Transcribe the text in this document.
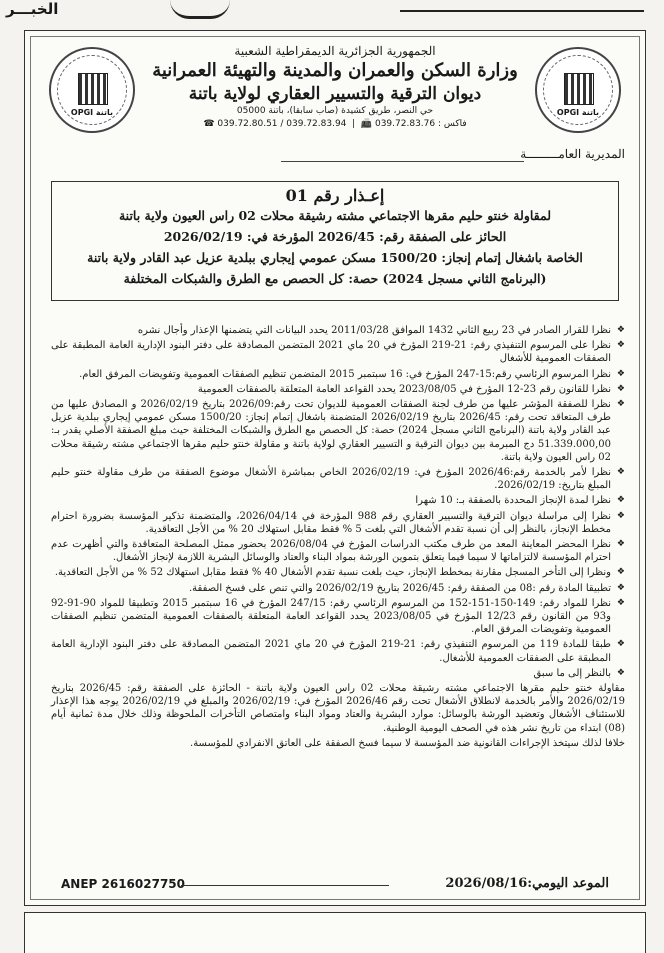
الخبـــر
OPGI باتنة
الجمهورية الجزائرية الديمقراطية الشعبية
وزارة السكن والعمران والمدينة والتهيئة العمرانية
ديوان الترقية والتسيير العقاري لولاية باتنة
حي النصر، طريق كشيدة (صاب سابقا)، باتنة 05000
☎ 039.72.80.51 / 039.72.83.94  |  📠 فاكس : 039.72.83.76
OPGI باتنة
المديرية العامـــــــــة
إعـذار رقم 01
لمقاولة خنتو حليم مقرها الاجتماعي مشته رشيقة محلات 02 راس العيون ولاية باتنة
الحائز على الصفقة رقم: 2026/45 المؤرخة في: 2026/02/19
الخاصة باشغال إتمام إنجاز: 1500/20 مسكن عمومي إيجاري ببلدية عزيل عبد القادر ولاية باتنة
(البرنامج الثاني مسجل 2024) حصة: كل الحصص مع الطرق والشبكات المختلفة
❖ نظرا للقرار الصادر في 23 ربيع الثاني 1432 الموافق 2011/03/28 يحدد البيانات التي يتضمنها الإعذار وأجال نشره
❖ نظرا على المرسوم التنفيذي رقم: 21-219 المؤرخ في 20 ماي 2021 المتضمن المصادقة على دفتر البنود الإدارية العامة المطبقة على الصفقات العمومية للأشغال
❖ نظرا المرسوم الرئاسي رقم:15-247 المؤرخ في: 16 سبتمبر 2015 المتضمن تنظيم الصفقات العمومية وتفويضات المرفق العام.
❖ نظرا للقانون رقم 23-12 المؤرخ في 2023/08/05 يحدد القواعد العامة المتعلقة بالصفقات العمومية
❖ نظرا للصفقة المؤشر عليها من طرف لجنة الصفقات العمومية للديوان تحت رقم:2026/09 بتاريخ 2026/02/19 و المصادق عليها من طرف المتعاقد تحت رقم: 2026/45 بتاريخ 2026/02/19 المتضمنة باشغال إتمام إنجاز: 1500/20 مسكن عمومي إيجاري ببلدية عزيل عبد القادر ولاية باتنة (البرنامج الثاني مسجل 2024) حصة: كل الحصص مع الطرق والشبكات المختلفة حيث مبلغ الصفقة الأصلي يقدر بـ: 51.339.000,00 دج المبرمة بين ديوان الترقية و التسيير العقاري لولاية باتنة و مقاولة خنتو حليم مقرها الاجتماعي مشته رشيقة محلات 02 راس العيون ولاية باتنة.
❖ نظرا لأمر بالخدمة رقم:2026/46 المؤرخ في: 2026/02/19 الخاص بمباشرة الأشغال موضوع الصفقة من طرف مقاولة خنتو حليم المبلغ بتاريخ: 2026/02/19.
❖ نظرا لمدة الإنجاز المحددة بالصفقة بـ: 10 شهرا
❖ نظرا إلى مراسلة ديوان الترقية والتسيير العقاري رقم 988 المؤرخة في 2026/04/14، والمتضمنة تذكير المؤسسة بضرورة احترام مخطط الإنجاز، بالنظر إلى أن نسبة تقدم الأشغال التي بلغت 5 % فقط مقابل استهلاك 20 % من الأجل التعاقدية.
❖ نظرا المحضر المعاينة المعد من طرف مكتب الدراسات المؤرخ في 2026/08/04 بحضور ممثل المصلحة المتعاقدة والتي أظهرت عدم احترام المؤسسة لالتزاماتها لا سيما فيما يتعلق بتموين الورشة بمواد البناء والعتاد والوسائل البشرية اللازمة لإنجاز الأشغال.
❖ ونظرا إلى التأخر المسجل مقارنة بمخطط الإنجاز، حيث بلغت نسبة تقدم الأشغال 40 % فقط مقابل استهلاك 52 % من الأجل التعاقدية.
❖ تطبيقا المادة رقم :08 من الصفقة رقم: 2026/45 بتاريخ 2026/02/19 والتي تنص على فسخ الصفقة.
❖ نظرا للمواد رقم: 149-150-151-152 من المرسوم الرئاسي رقم: 247/15 المؤرخ في 16 سبتمبر 2015 وتطبيقا للمواد 90-91-92 و93 من القانون رقم 12/23 المؤرخ في 2023/08/05 يحدد القواعد العامة المتعلقة بالصفقات العمومية المتضمن تنظيم الصفقات العمومية وتفويضات المرفق العام.
❖ طبقا للمادة 119 من المرسوم التنفيذي رقم: 21-219 المؤرخ في 20 ماي 2021 المتضمن المصادقة على دفتر البنود الإدارية العامة المطبقة على الصفقات العمومية للأشغال.
❖ بالنظر إلى ما سبق

مقاولة خنتو حليم مقرها الاجتماعي مشته رشيقة محلات 02 راس العيون ولاية باتنة - الحائزة على الصفقة رقم: 2026/45 بتاريخ 2026/02/19 والأمر بالخدمة لانطلاق الأشغال تحت رقم 2026/46 المؤرخ في: 2026/02/19 والمبلغ في 2026/02/19 يوجه هذا الإعذار للاستئناف الأشغال وتعضيد الورشة بالوسائل: موارد البشرية والعتاد ومواد البناء وامتصاص التأخرات الملحوظة وذلك خلال مدة ثمانية أيام (08) ابتداء من تاريخ نشر هذه في الصحف اليومية الوطنية.

خلافا لذلك سيتخذ الإجراءات القانونية ضد المؤسسة لا سيما فسخ الصفقة على العاتق الانفرادي للمؤسسة.

ANEP 2616027750	الموعد اليومي:2026/08/16
